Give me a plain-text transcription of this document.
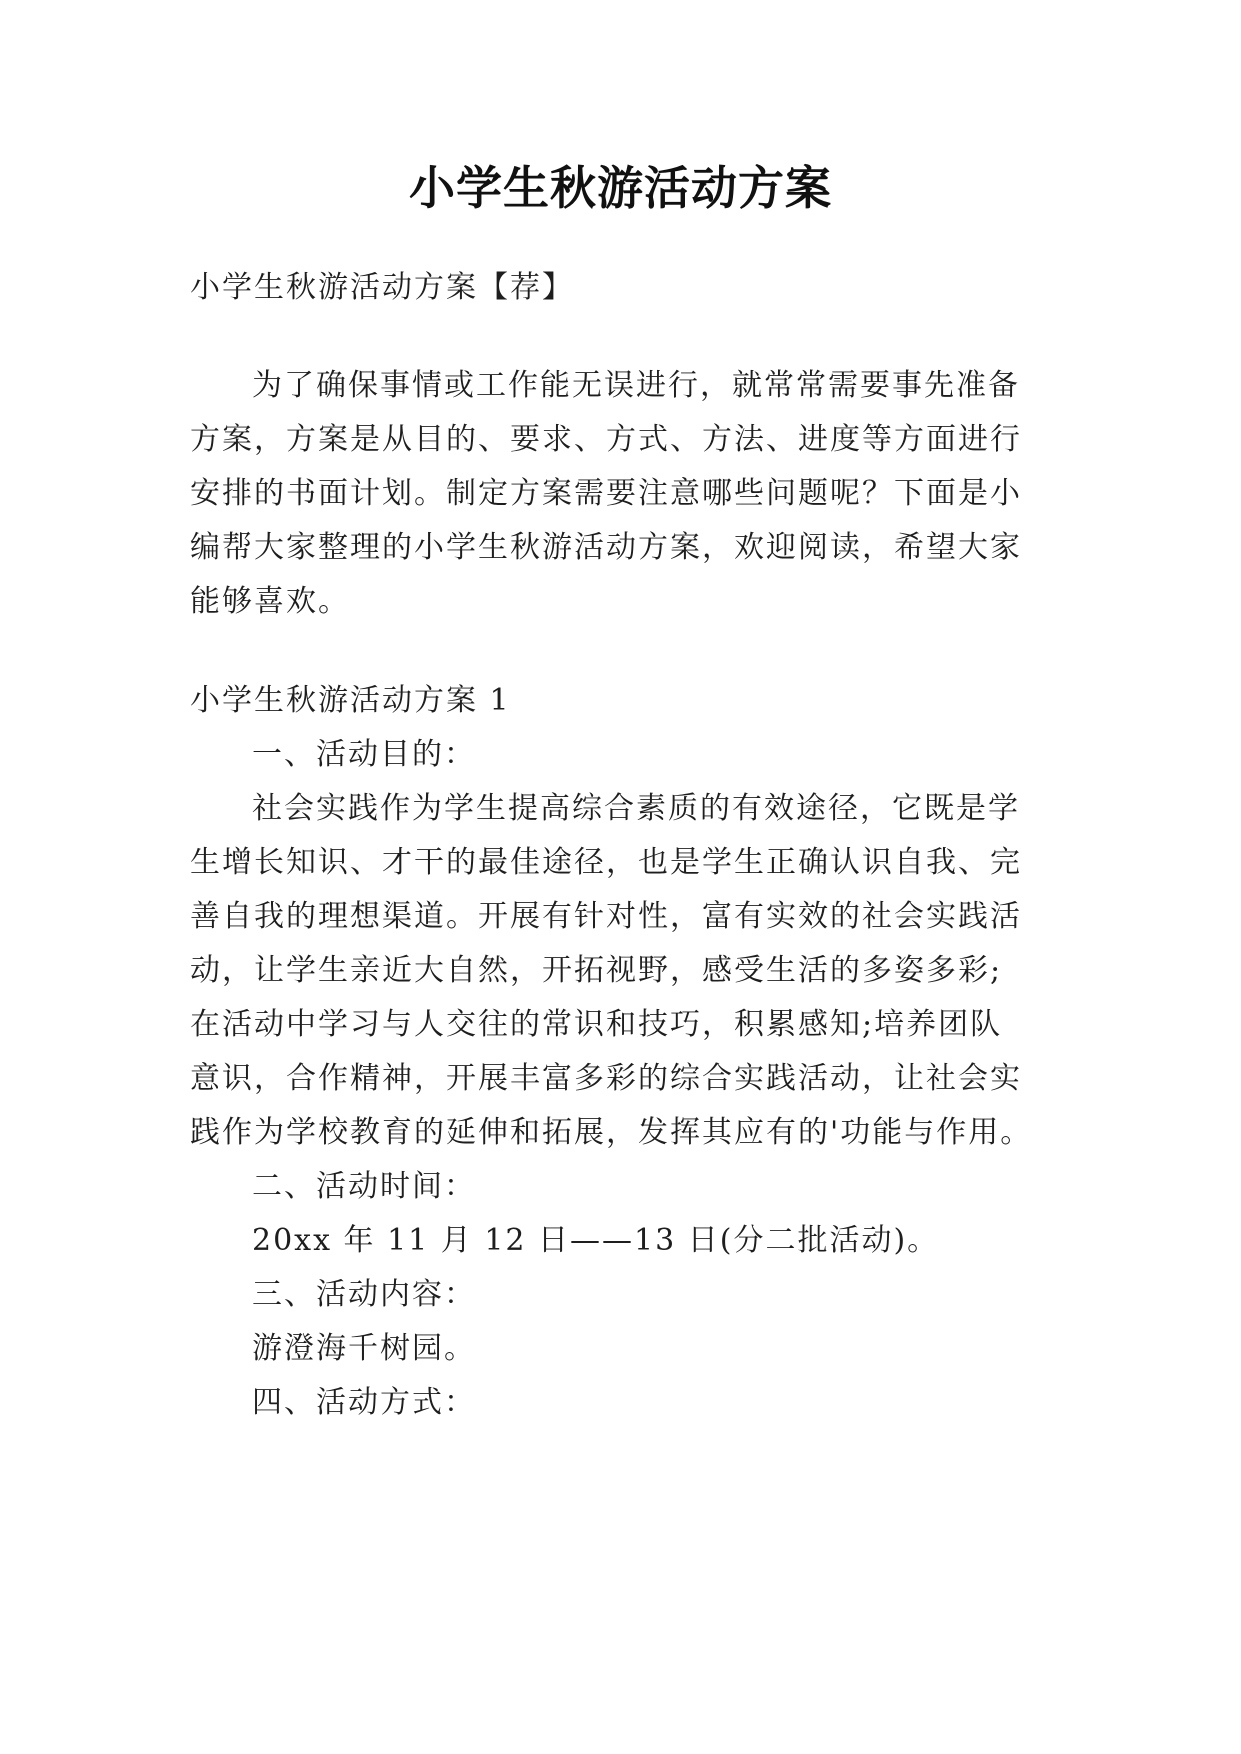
小学生秋游活动方案
小学生秋游活动方案【荐】
为了确保事情或工作能无误进行，就常常需要事先准备
方案，方案是从目的、要求、方式、方法、进度等方面进行
安排的书面计划。制定方案需要注意哪些问题呢？下面是小
编帮大家整理的小学生秋游活动方案，欢迎阅读，希望大家
能够喜欢。
小学生秋游活动方案 1
一、活动目的：
社会实践作为学生提高综合素质的有效途径，它既是学
生增长知识、才干的最佳途径，也是学生正确认识自我、完
善自我的理想渠道。开展有针对性，富有实效的社会实践活
动，让学生亲近大自然，开拓视野，感受生活的多姿多彩;
在活动中学习与人交往的常识和技巧，积累感知;培养团队
意识，合作精神，开展丰富多彩的综合实践活动，让社会实
践作为学校教育的延伸和拓展，发挥其应有的'功能与作用。
二、活动时间：
20xx 年 11 月 12 日——13 日(分二批活动)。
三、活动内容：
游澄海千树园。
四、活动方式：
